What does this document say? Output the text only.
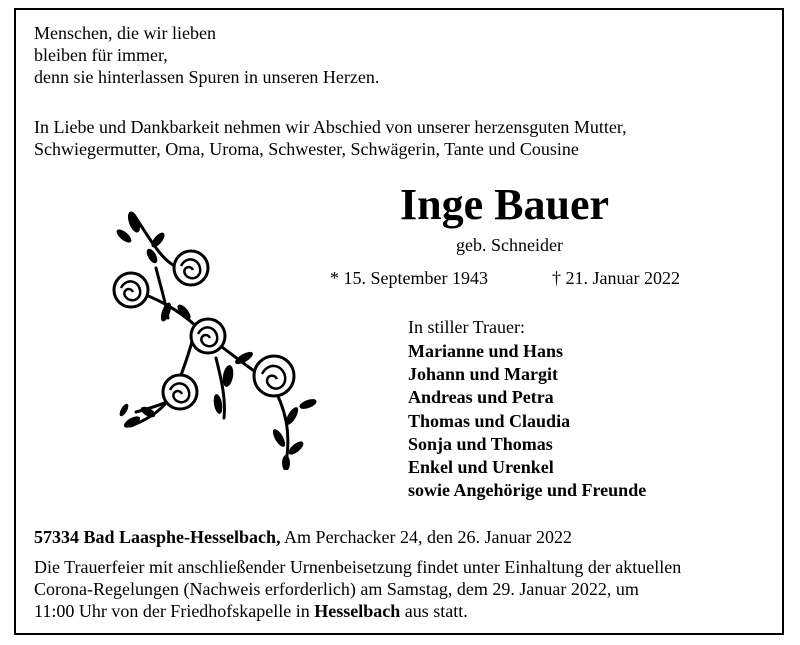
Menschen, die wir lieben
bleiben für immer,
denn sie hinterlassen Spuren in unseren Herzen.
In Liebe und Dankbarkeit nehmen wir Abschied von unserer herzensguten Mutter,
Schwiegermutter, Oma, Uroma, Schwester, Schwägerin, Tante und Cousine
Inge Bauer
geb. Schneider
* 15. September 1943	† 21. Januar 2022
In stiller Trauer:
Marianne und Hans
Johann und Margit
Andreas und Petra
Thomas und Claudia
Sonja und Thomas
Enkel und Urenkel
sowie Angehörige und Freunde
57334 Bad Laasphe-Hesselbach, Am Perchacker 24, den 26. Januar 2022
Die Trauerfeier mit anschließender Urnenbeisetzung findet unter Einhaltung der aktuellen
Corona-Regelungen (Nachweis erforderlich) am Samstag, dem 29. Januar 2022, um
11:00 Uhr von der Friedhofskapelle in Hesselbach aus statt.
